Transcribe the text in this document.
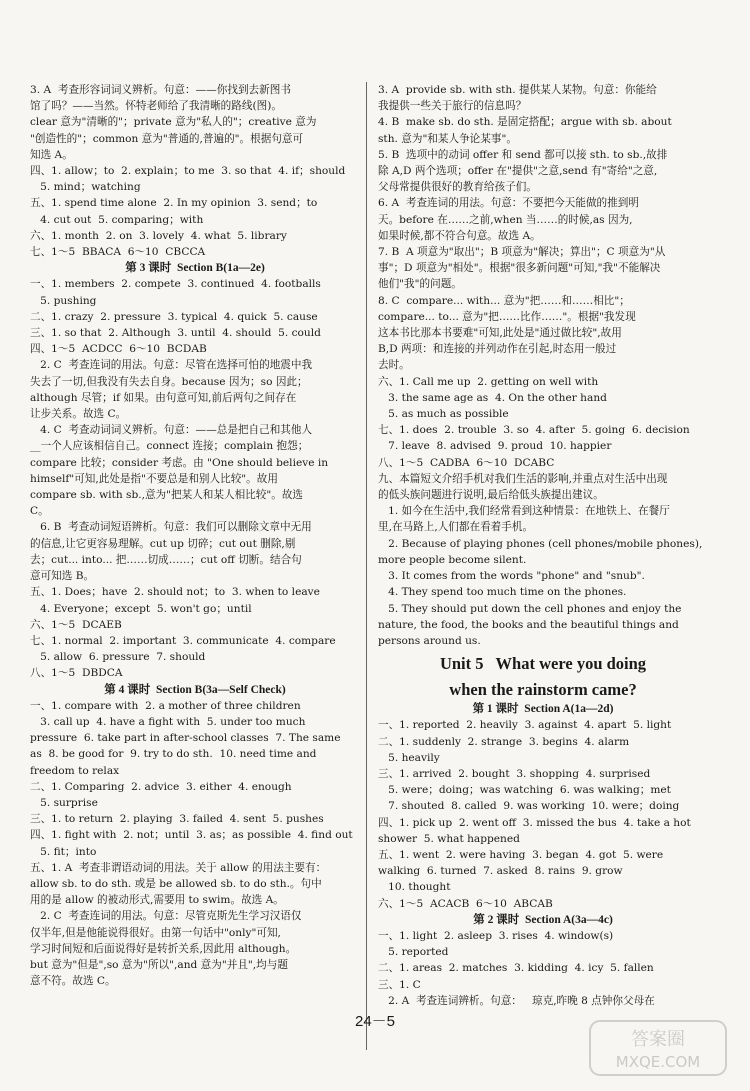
3. A  考查形容词词义辨析。句意：——你找到去新图书
馆了吗？——当然。怀特老师给了我清晰的路线(图)。
clear 意为"清晰的"；private 意为"私人的"；creative 意为
"创造性的"；common 意为"普通的,普遍的"。根据句意可
知选 A。
四、1. allow；to  2. explain；to me  3. so that  4. if；should
5. mind；watching
五、1. spend time alone  2. In my opinion  3. send；to
4. cut out  5. comparing；with
六、1. month  2. on  3. lovely  4. what  5. library
七、1～5  BBACA  6～10  CBCCA
第 3 课时  Section B(1a—2e)
一、1. members  2. compete  3. continued  4. footballs
5. pushing
二、1. crazy  2. pressure  3. typical  4. quick  5. cause
三、1. so that  2. Although  3. until  4. should  5. could
四、1～5  ACDCC  6～10  BCDAB
2. C  考查连词的用法。句意：尽管在选择可怕的地震中我
失去了一切,但我没有失去自身。because 因为；so 因此；
although 尽管；if 如果。由句意可知,前后两句之间存在
让步关系。故选 C。
4. C  考查动词词义辨析。句意：——总是把自己和其他人
__一个人应该相信自己。connect 连接；complain 抱怨；
compare 比较；consider 考虑。由 "One should believe in
himself"可知,此处是指"不要总是和别人比较"。故用
compare sb. with sb.,意为"把某人和某人相比较"。故选
C。
6. B  考查动词短语辨析。句意：我们可以删除文章中无用
的信息,让它更容易理解。cut up 切碎；cut out 删除,剔
去；cut... into... 把……切成……；cut off 切断。结合句
意可知选 B。
五、1. Does；have  2. should not；to  3. when to leave
4. Everyone；except  5. won't go；until
六、1～5  DCAEB
七、1. normal  2. important  3. communicate  4. compare
5. allow  6. pressure  7. should
八、1～5  DBDCA
第 4 课时  Section B(3a—Self Check)
一、1. compare with  2. a mother of three children
3. call up  4. have a fight with  5. under too much
pressure  6. take part in after-school classes  7. The same
as  8. be good for  9. try to do sth.  10. need time and
freedom to relax
二、1. Comparing  2. advice  3. either  4. enough
5. surprise
三、1. to return  2. playing  3. failed  4. sent  5. pushes
四、1. fight with  2. not；until  3. as；as possible  4. find out
5. fit；into
五、1. A  考查非谓语动词的用法。关于 allow 的用法主要有：
allow sb. to do sth. 或是 be allowed sb. to do sth.。句中
用的是 allow 的被动形式,需要用 to swim。故选 A。
2. C  考查连词的用法。句意：尽管克斯先生学习汉语仅
仅半年,但是他能说得很好。由第一句话中"only"可知,
学习时间短和后面说得好是转折关系,因此用 although。
but 意为"但是",so 意为"所以",and 意为"并且",均与题
意不符。故选 C。
3. A  provide sb. with sth. 提供某人某物。句意：你能给
我提供一些关于旅行的信息吗？
4. B  make sb. do sth. 是固定搭配；argue with sb. about
sth. 意为"和某人争论某事"。
5. B  选项中的动词 offer 和 send 都可以接 sth. to sb.,故排
除 A,D 两个选项；offer 在"提供"之意,send 有"寄给"之意,
父母常提供很好的教育给孩子们。
6. A  考查连词的用法。句意：不要把今天能做的推到明
天。before 在……之前,when 当……的时候,as 因为,
如果时候,都不符合句意。故选 A。
7. B  A 项意为"取出"；B 项意为"解决；算出"；C 项意为"从
事"；D 项意为"相处"。根据"很多新问题"可知,"我"不能解决
他们"我"的问题。
8. C  compare... with... 意为"把……和……相比"；
compare... to... 意为"把……比作……"。根据"我发现
这本书比那本书要难"可知,此处是"通过做比较",故用
B,D 两项：和连接的并列动作在引起,时态用一般过
去时。
六、1. Call me up  2. getting on well with
3. the same age as  4. On the other hand
5. as much as possible
七、1. does  2. trouble  3. so  4. after  5. going  6. decision
7. leave  8. advised  9. proud  10. happier
八、1～5  CADBA  6～10  DCABC
九、本篇短文介绍手机对我们生活的影响,并重点对生活中出现
的低头族问题进行说明,最后给低头族提出建议。
1. 如今在生活中,我们经常看到这种情景：在地铁上、在餐厅
里,在马路上,人们都在看着手机。
2. Because of playing phones (cell phones/mobile phones),
more people become silent.
3. It comes from the words "phone" and "snub".
4. They spend too much time on the phones.
5. They should put down the cell phones and enjoy the
nature, the food, the books and the beautiful things and
persons around us.
Unit 5   What were you doing
when the rainstorm came?
第 1 课时  Section A(1a—2d)
一、1. reported  2. heavily  3. against  4. apart  5. light
二、1. suddenly  2. strange  3. begins  4. alarm
5. heavily
三、1. arrived  2. bought  3. shopping  4. surprised
5. were；doing；was watching  6. was walking；met
7. shouted  8. called  9. was working  10. were；doing
四、1. pick up  2. went off  3. missed the bus  4. take a hot
shower  5. what happened
五、1. went  2. were having  3. began  4. got  5. were
walking  6. turned  7. asked  8. rains  9. grow
10. thought
六、1～5  ACACB  6～10  ABCAB
第 2 课时  Section A(3a—4c)
一、1. light  2. asleep  3. rises  4. window(s)
5. reported
二、1. areas  2. matches  3. kidding  4. icy  5. fallen
三、1. C
2. A  考查连词辨析。句意：   琼克,昨晚 8 点钟你父母在
24－5
答案圈
MXQE.COM
